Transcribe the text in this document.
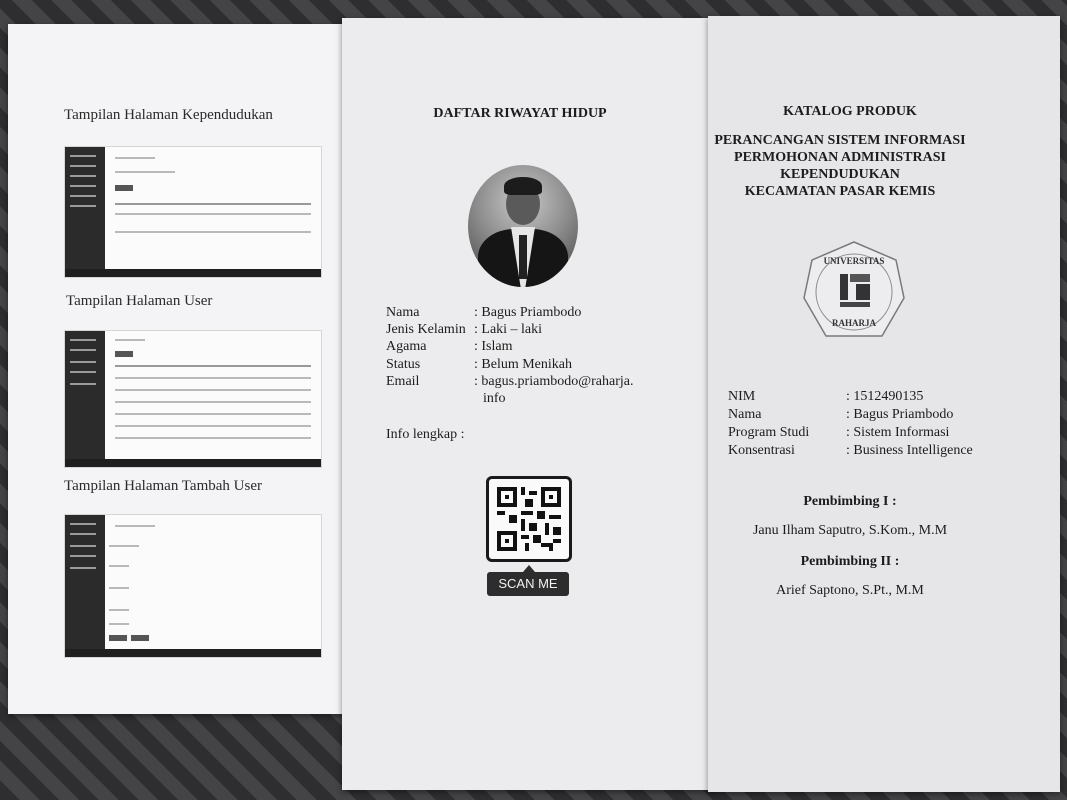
Tampilan Halaman Kependudukan
Tampilan Halaman User
Tampilan Halaman Tambah User
DAFTAR RIWAYAT HIDUP
Nama	: Bagus Priambodo
Jenis Kelamin : Laki – laki
Agama	: Islam
Status	: Belum Menikah
Email	: bagus.priambodo@raharja.
info
Info lengkap :
SCAN ME
KATALOG PRODUK
PERANCANGAN SISTEM INFORMASI
PERMOHONAN ADMINISTRASI
KEPENDUDUKAN
KECAMATAN PASAR KEMIS
UNIVERSITAS
RAHARJA
NIM	: 1512490135
Nama	: Bagus Priambodo
Program Studi	: Sistem Informasi
Konsentrasi	: Business Intelligence
Pembimbing I :
Janu Ilham Saputro, S.Kom., M.M
Pembimbing II :
Arief Saptono, S.Pt., M.M
